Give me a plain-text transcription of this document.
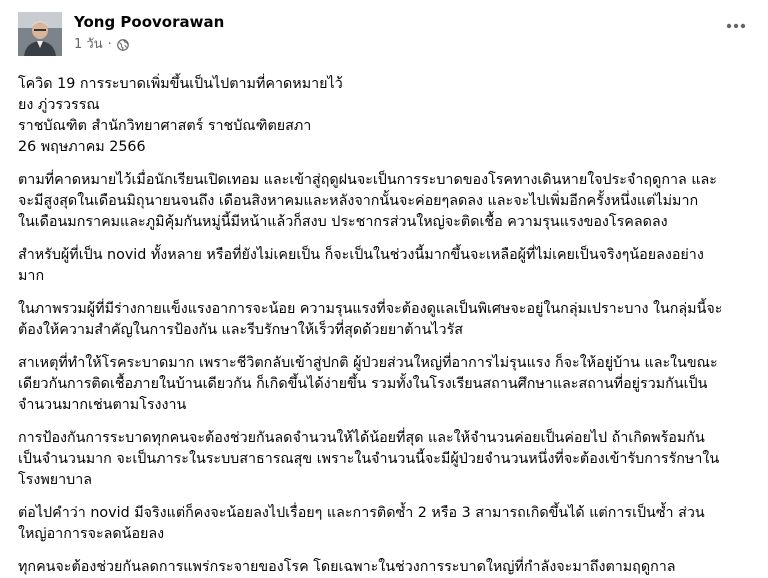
Yong Poovorawan
1 วัน ·

โควิด 19 การระบาดเพิ่มขึ้นเป็นไปตามที่คาดหมายไว้
ยง ภู่วรวรรณ
ราชบัณฑิต สำนักวิทยาศาสตร์ ราชบัณฑิตยสภา
26 พฤษภาคม 2566

ตามที่คาดหมายไว้เมื่อนักเรียนเปิดเทอม และเข้าสู่ฤดูฝนจะเป็นการระบาดของโรคทางเดินหายใจประจำฤดูกาล และ
จะมีสูงสุดในเดือนมิถุนายนจนถึง เดือนสิงหาคมและหลังจากนั้นจะค่อยๆลดลง และจะไปเพิ่มอีกครั้งหนึ่งแต่ไม่มาก
ในเดือนมกราคมและภูมิคุ้มกันหมู่นี้มีหน้าแล้วก็สงบ ประชากรส่วนใหญ่จะติดเชื้อ ความรุนแรงของโรคลดลง

สำหรับผู้ที่เป็น novid ทั้งหลาย หรือที่ยังไม่เคยเป็น ก็จะเป็นในช่วงนี้มากขึ้นจะเหลือผู้ที่ไม่เคยเป็นจริงๆน้อยลงอย่าง
มาก

ในภาพรวมผู้ที่มีร่างกายแข็งแรงอาการจะน้อย ความรุนแรงที่จะต้องดูแลเป็นพิเศษจะอยู่ในกลุ่มเปราะบาง ในกลุ่มนี้จะ
ต้องให้ความสำคัญในการป้องกัน และรีบรักษาให้เร็วที่สุดด้วยยาต้านไวรัส

สาเหตุที่ทำให้โรคระบาดมาก เพราะชีวิตกลับเข้าสู่ปกติ ผู้ป่วยส่วนใหญ่ที่อาการไม่รุนแรง ก็จะให้อยู่บ้าน และในขณะ
เดียวกันการติดเชื้อภายในบ้านเดียวกัน ก็เกิดขึ้นได้ง่ายขึ้น รวมทั้งในโรงเรียนสถานศึกษาและสถานที่อยู่รวมกันเป็น
จำนวนมากเช่นตามโรงงาน

การป้องกันการระบาดทุกคนจะต้องช่วยกันลดจำนวนให้ได้น้อยที่สุด และให้จำนวนค่อยเป็นค่อยไป ถ้าเกิดพร้อมกัน
เป็นจำนวนมาก จะเป็นภาระในระบบสาธารณสุข เพราะในจำนวนนี้จะมีผู้ป่วยจำนวนหนึ่งที่จะต้องเข้ารับการรักษาใน
โรงพยาบาล

ต่อไปคำว่า novid มีจริงแต่ก็คงจะน้อยลงไปเรื่อยๆ และการติดซ้ำ 2 หรือ 3 สามารถเกิดขึ้นได้ แต่การเป็นซ้ำ ส่วน
ใหญ่อาการจะลดน้อยลง

ทุกคนจะต้องช่วยกันลดการแพร่กระจายของโรค โดยเฉพาะในช่วงการระบาดใหญ่ที่กำลังจะมาถึงตามฤดูกาล
